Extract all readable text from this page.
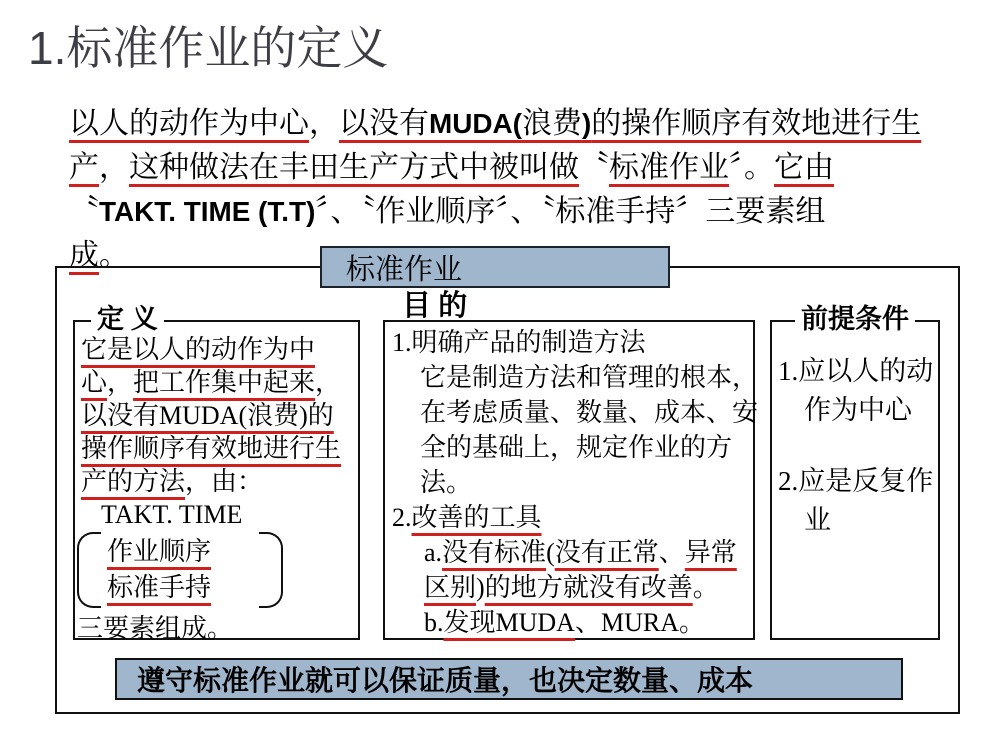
1.标准作业的定义
以人的动作为中心，以没有MUDA(浪费)的操作顺序有效地进行生
产，这种做法在丰田生产方式中被叫做〝标准作业〞。它由
〝TAKT. TIME (T.T)〞、〝作业顺序〞、〝标准手持〞三要素组
成。	标准作业
定 义
它是以人的动作为中
心，把工作集中起来，
以没有MUDA(浪费)的
操作顺序有效地进行生
产的方法，由：
TAKT. TIME
作业顺序
标准手持
三要素组成。
目 的
1.明确产品的制造方法
它是制造方法和管理的根本，
在考虑质量、数量、成本、安
全的基础上，规定作业的方
法。
2.改善的工具
a.没有标准(没有正常、异常
区别)的地方就没有改善。
b.发现MUDA、MURA。
前提条件
1.应以人的动
作为中心
2.应是反复作
业
遵守标准作业就可以保证质量，也决定数量、成本
